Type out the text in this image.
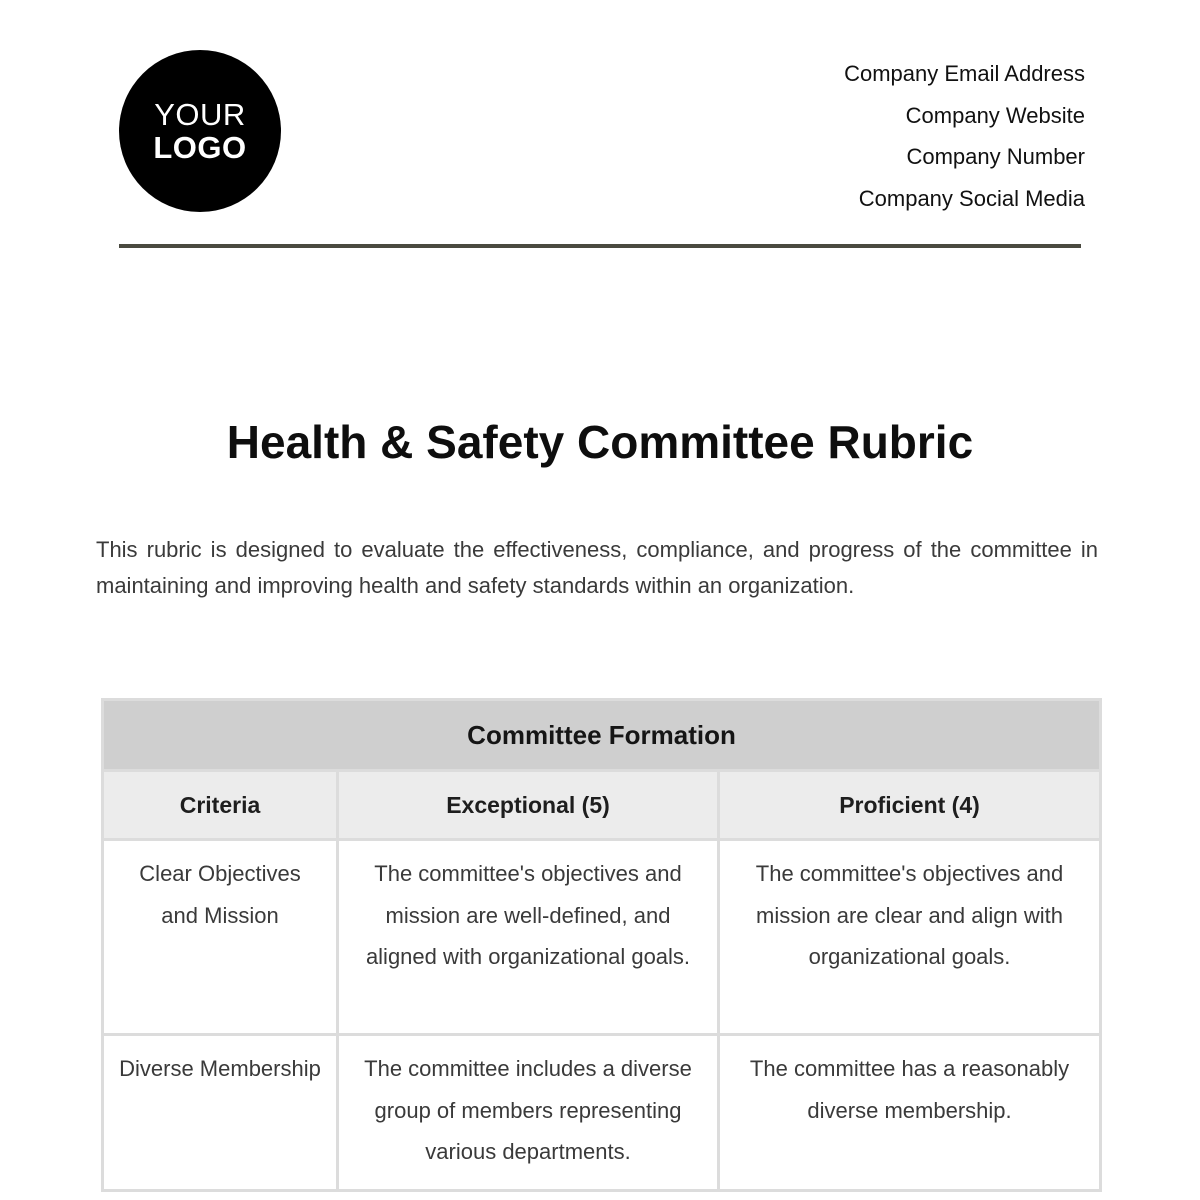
YOUR
LOGO
Company Email Address
Company Website
Company Number
Company Social Media
Health & Safety Committee Rubric

This rubric is designed to evaluate the effectiveness, compliance, and progress of the committee in maintaining and improving health and safety standards within an organization.

Committee Formation		
Criteria	Exceptional (5)	Proficient (4)
Clear Objectives and Mission	The committee's objectives and mission are well-defined, and aligned with organizational goals.	The committee's objectives and mission are clear and align with organizational goals.
Diverse Membership	The committee includes a diverse group of members representing various departments.	The committee has a reasonably diverse membership.
